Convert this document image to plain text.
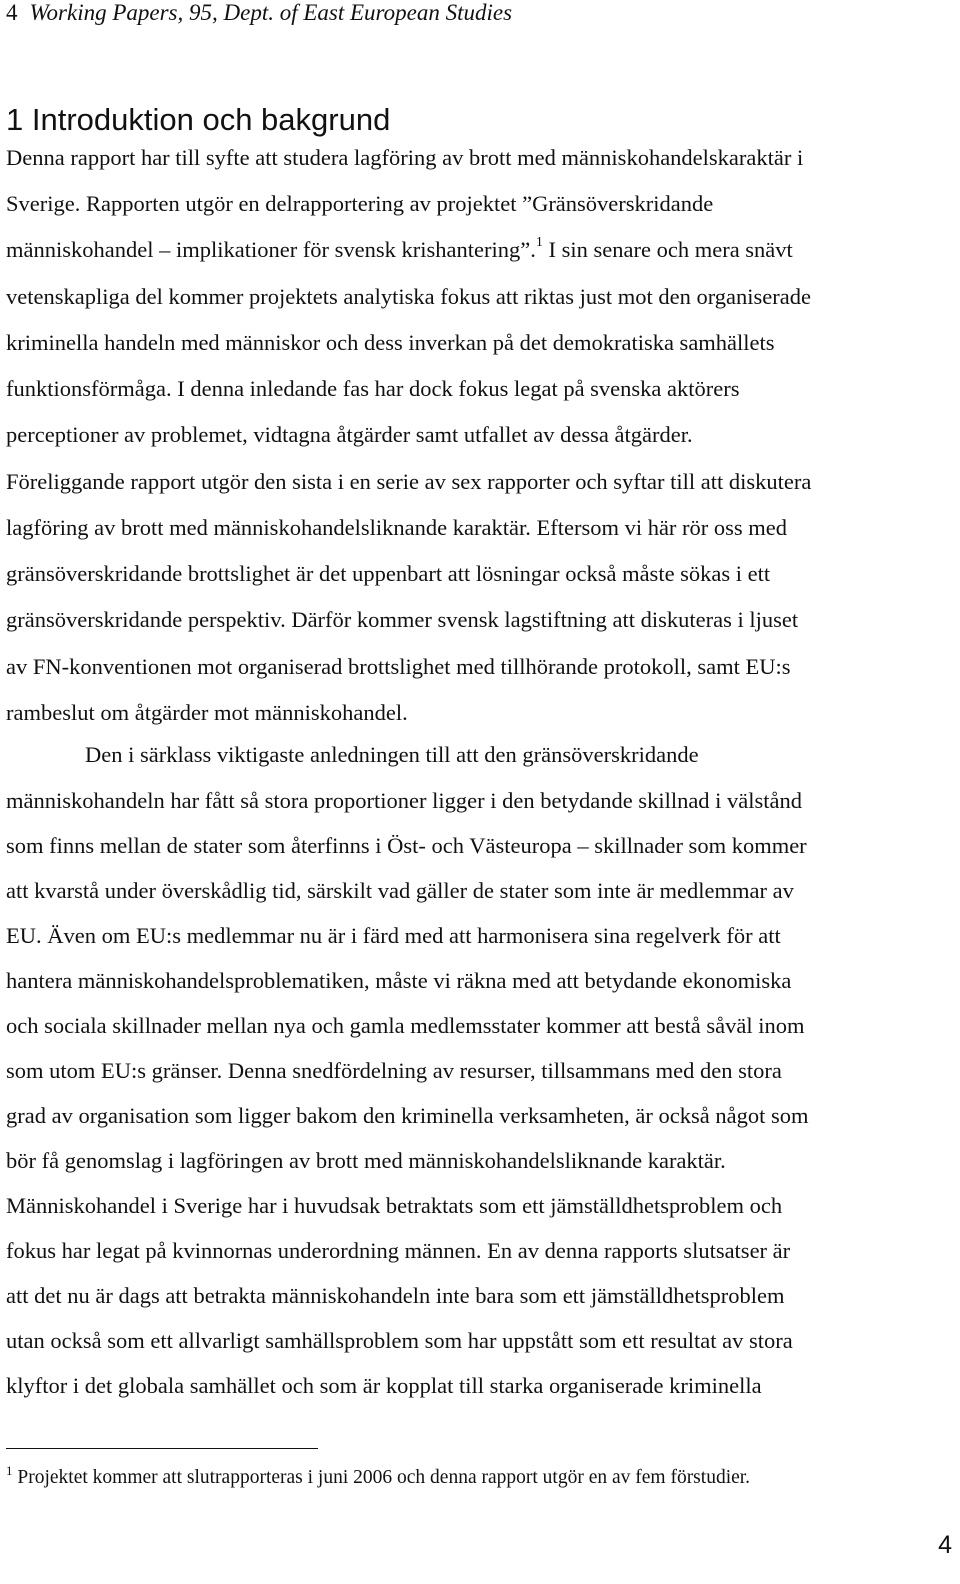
4 Working Papers, 95, Dept. of East European Studies
1 Introduktion och bakgrund

Denna rapport har till syfte att studera lagföring av brott med människohandelskaraktär i

Sverige. Rapporten utgör en delrapportering av projektet ”Gränsöverskridande

människohandel – implikationer för svensk krishantering”.$^1$ I sin senare och mera snävt

vetenskapliga del kommer projektets analytiska fokus att riktas just mot den organiserade

kriminella handeln med människor och dess inverkan på det demokratiska samhällets

funktionsförmåga. I denna inledande fas har dock fokus legat på svenska aktörers

perceptioner av problemet, vidtagna åtgärder samt utfallet av dessa åtgärder.

Föreliggande rapport utgör den sista i en serie av sex rapporter och syftar till att diskutera

lagföring av brott med människohandelsliknande karaktär. Eftersom vi här rör oss med

gränsöverskridande brottslighet är det uppenbart att lösningar också måste sökas i ett

gränsöverskridande perspektiv. Därför kommer svensk lagstiftning att diskuteras i ljuset

av FN-konventionen mot organiserad brottslighet med tillhörande protokoll, samt EU:s

rambeslut om åtgärder mot människohandel.

Den i särklass viktigaste anledningen till att den gränsöverskridande

människohandeln har fått så stora proportioner ligger i den betydande skillnad i välstånd

som finns mellan de stater som återfinns i Öst- och Västeuropa – skillnader som kommer

att kvarstå under överskådlig tid, särskilt vad gäller de stater som inte är medlemmar av

EU. Även om EU:s medlemmar nu är i färd med att harmonisera sina regelverk för att

hantera människohandelsproblematiken, måste vi räkna med att betydande ekonomiska

och sociala skillnader mellan nya och gamla medlemsstater kommer att bestå såväl inom

som utom EU:s gränser. Denna snedfördelning av resurser, tillsammans med den stora

grad av organisation som ligger bakom den kriminella verksamheten, är också något som

bör få genomslag i lagföringen av brott med människohandelsliknande karaktär.

Människohandel i Sverige har i huvudsak betraktats som ett jämställdhetsproblem och

fokus har legat på kvinnornas underordning männen. En av denna rapports slutsatser är

att det nu är dags att betrakta människohandeln inte bara som ett jämställdhetsproblem

utan också som ett allvarligt samhällsproblem som har uppstått som ett resultat av stora

klyftor i det globala samhället och som är kopplat till starka organiserade kriminella

$^1$ Projektet kommer att slutrapporteras i juni 2006 och denna rapport utgör en av fem förstudier.
4
